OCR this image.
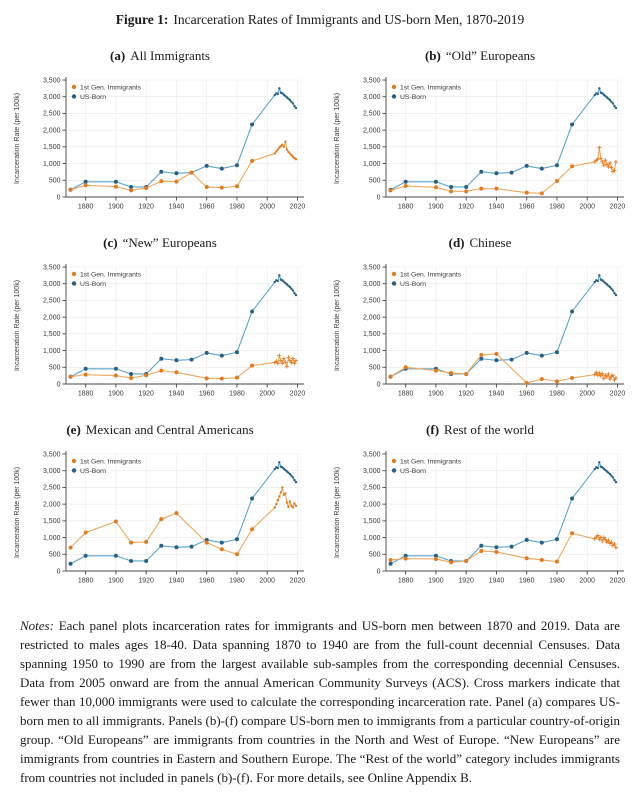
Figure 1: Incarceration Rates of Immigrants and US-born Men, 1870-2019
(a) All Immigrants
0
500
1,000
1,500
2,000
2,500
3,000
3,500
1880 1900 1920 1940 1960 1980 2000 2020
Incarceration Rate (per 100k)
1st Gen. Immigrants
US-Born
(b) “Old” Europeans
0
500
1,000
1,500
2,000
2,500
3,000
3,500
1880 1900 1920 1940 1960 1980 2000 2020
Incarceration Rate (per 100k)
1st Gen. Immigrants
US-Born
(c) “New” Europeans
0
500
1,000
1,500
2,000
2,500
3,000
3,500
1880 1900 1920 1940 1960 1980 2000 2020
Incarceration Rate (per 100k)
1st Gen. Immigrants
US-Born
(d) Chinese
0
500
1,000
1,500
2,000
2,500
3,000
3,500
1880 1900 1920 1940 1960 1980 2000 2020
Incarceration Rate (per 100k)
1st Gen. Immigrants
US-Born
(e) Mexican and Central Americans
0
500
1,000
1,500
2,000
2,500
3,000
3,500
1880 1900 1920 1940 1960 1980 2000 2020
Incarceration Rate (per 100k)
1st Gen. Immigrants
US-Born
(f) Rest of the world
0
500
1,000
1,500
2,000
2,500
3,000
3,500
1880 1900 1920 1940 1960 1980 2000 2020
Incarceration Rate (per 100k)
1st Gen. Immigrants
US-Born

Notes: Each panel plots incarceration rates for immigrants and US-born men between 1870 and 2019. Data are restricted to males ages 18-40. Data spanning 1870 to 1940 are from the full-count decennial Censuses. Data spanning 1950 to 1990 are from the largest available sub-samples from the corresponding decennial Censuses. Data from 2005 onward are from the annual American Community Surveys (ACS). Cross markers indicate that fewer than 10,000 immigrants were used to calculate the corresponding incarceration rate. Panel (a) compares US-born men to all immigrants. Panels (b)-(f) compare US-born men to immigrants from a particular country-of-origin group. “Old Europeans” are immigrants from countries in the North and West of Europe. “New Europeans” are immigrants from countries in Eastern and Southern Europe. The “Rest of the world” category includes immigrants from countries not included in panels (b)-(f). For more details, see Online Appendix B.
